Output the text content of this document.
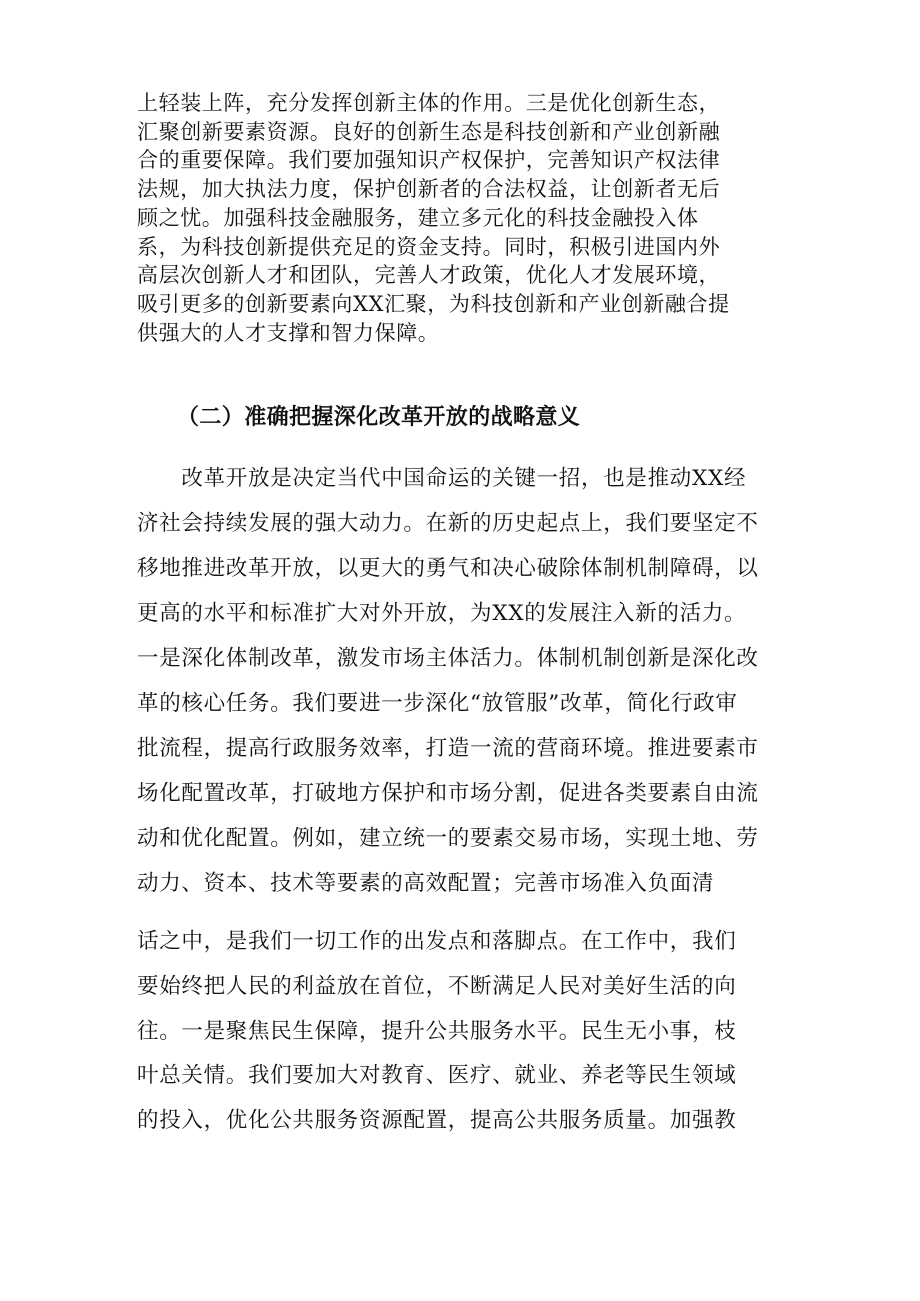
上轻装上阵，充分发挥创新主体的作用。三是优化创新生态，
汇聚创新要素资源。良好的创新生态是科技创新和产业创新融
合的重要保障。我们要加强知识产权保护，完善知识产权法律
法规，加大执法力度，保护创新者的合法权益，让创新者无后
顾之忧。加强科技金融服务，建立多元化的科技金融投入体
系，为科技创新提供充足的资金支持。同时，积极引进国内外
高层次创新人才和团队，完善人才政策，优化人才发展环境，
吸引更多的创新要素向XX汇聚，为科技创新和产业创新融合提
供强大的人才支撑和智力保障。
（二）准确把握深化改革开放的战略意义
　　改革开放是决定当代中国命运的关键一招，也是推动XX经
济社会持续发展的强大动力。在新的历史起点上，我们要坚定不
移地推进改革开放，以更大的勇气和决心破除体制机制障碍，以
更高的水平和标准扩大对外开放，为XX的发展注入新的活力。
一是深化体制改革，激发市场主体活力。体制机制创新是深化改
革的核心任务。我们要进一步深化“放管服”改革，简化行政审
批流程，提高行政服务效率，打造一流的营商环境。推进要素市
场化配置改革，打破地方保护和市场分割，促进各类要素自由流
动和优化配置。例如，建立统一的要素交易市场，实现土地、劳
动力、资本、技术等要素的高效配置；完善市场准入负面清
话之中，是我们一切工作的出发点和落脚点。在工作中，我们
要始终把人民的利益放在首位，不断满足人民对美好生活的向
往。一是聚焦民生保障，提升公共服务水平。民生无小事，枝
叶总关情。我们要加大对教育、医疗、就业、养老等民生领域
的投入，优化公共服务资源配置，提高公共服务质量。加强教
